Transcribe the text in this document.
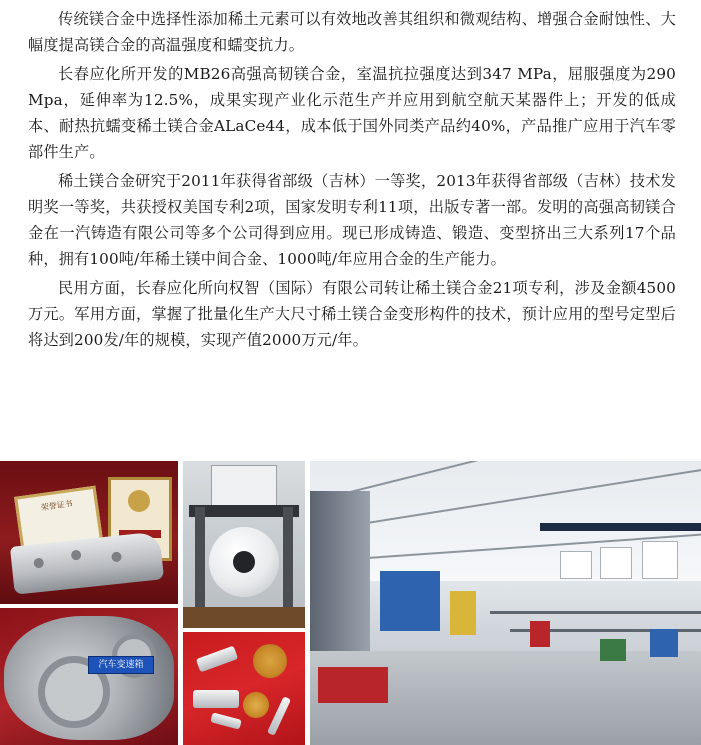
传统镁合金中选择性添加稀土元素可以有效地改善其组织和微观结构、增强合金耐蚀性、大幅度提高镁合金的高温强度和蠕变抗力。

长春应化所开发的MB26高强高韧镁合金，室温抗拉强度达到347 MPa，屈服强度为290 Mpa，延伸率为12.5%，成果实现产业化示范生产并应用到航空航天某器件上；开发的低成本、耐热抗蠕变稀土镁合金ALaCe44，成本低于国外同类产品约40%，产品推广应用于汽车零部件生产。

稀土镁合金研究于2011年获得省部级（吉林）一等奖，2013年获得省部级（吉林）技术发明奖一等奖，共获授权美国专利2项，国家发明专利11项，出版专著一部。发明的高强高韧镁合金在一汽铸造有限公司等多个公司得到应用。现已形成铸造、锻造、变型挤出三大系列17个品种，拥有100吨/年稀土镁中间合金、1000吨/年应用合金的生产能力。

民用方面，长春应化所向权智（国际）有限公司转让稀土镁合金21项专利，涉及金额4500万元。军用方面，掌握了批量化生产大尺寸稀土镁合金变形构件的技术，预计应用的型号定型后将达到200发/年的规模，实现产值2000万元/年。

荣誉证书
汽车变速箱
